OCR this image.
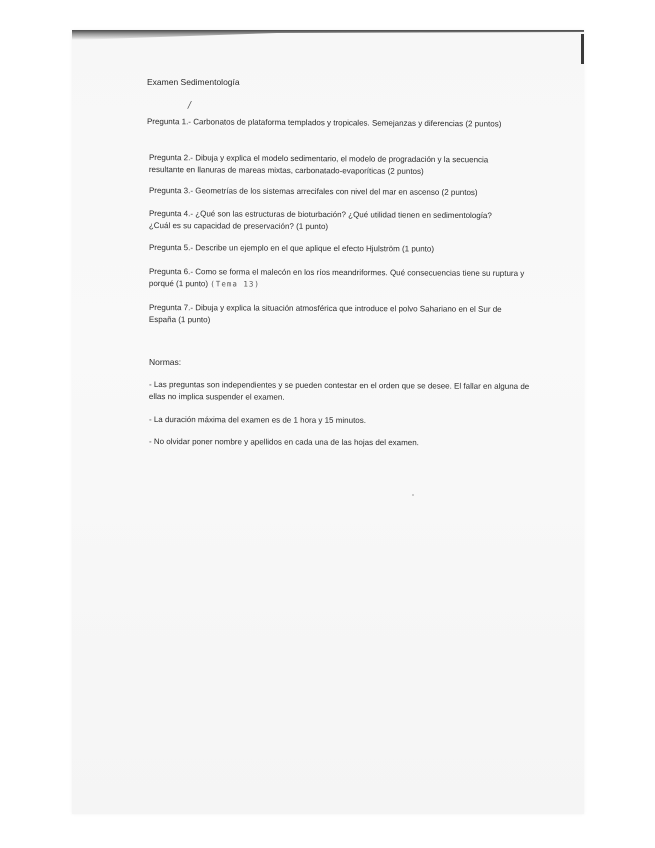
Examen Sedimentología
/
Pregunta 1.- Carbonatos de plataforma templados y tropicales. Semejanzas y diferencias (2 puntos)
Pregunta 2.- Dibuja y explica el modelo sedimentario, el modelo de progradación y la secuencia resultante en llanuras de mareas mixtas, carbonatado-evaporíticas (2 puntos)
Pregunta 3.- Geometrías de los sistemas arrecifales con nivel del mar en ascenso (2 puntos)
Pregunta 4.- ¿Qué son las estructuras de bioturbación? ¿Qué utilidad tienen en sedimentología? ¿Cuál es su capacidad de preservación? (1 punto)
Pregunta 5.- Describe un ejemplo en el que aplique el efecto Hjulström (1 punto)
Pregunta 6.- Como se forma el malecón en los ríos meandriformes. Qué consecuencias tiene su ruptura y porqué (1 punto) (Tema 13)
Pregunta 7.- Dibuja y explica la situación atmosférica que introduce el polvo Sahariano en el Sur de España (1 punto)
Normas:
- Las preguntas son independientes y se pueden contestar en el orden que se desee. El fallar en alguna de ellas no implica suspender el examen.
- La duración máxima del examen es de 1 hora y 15 minutos.
- No olvidar poner nombre y apellidos en cada una de las hojas del examen.
